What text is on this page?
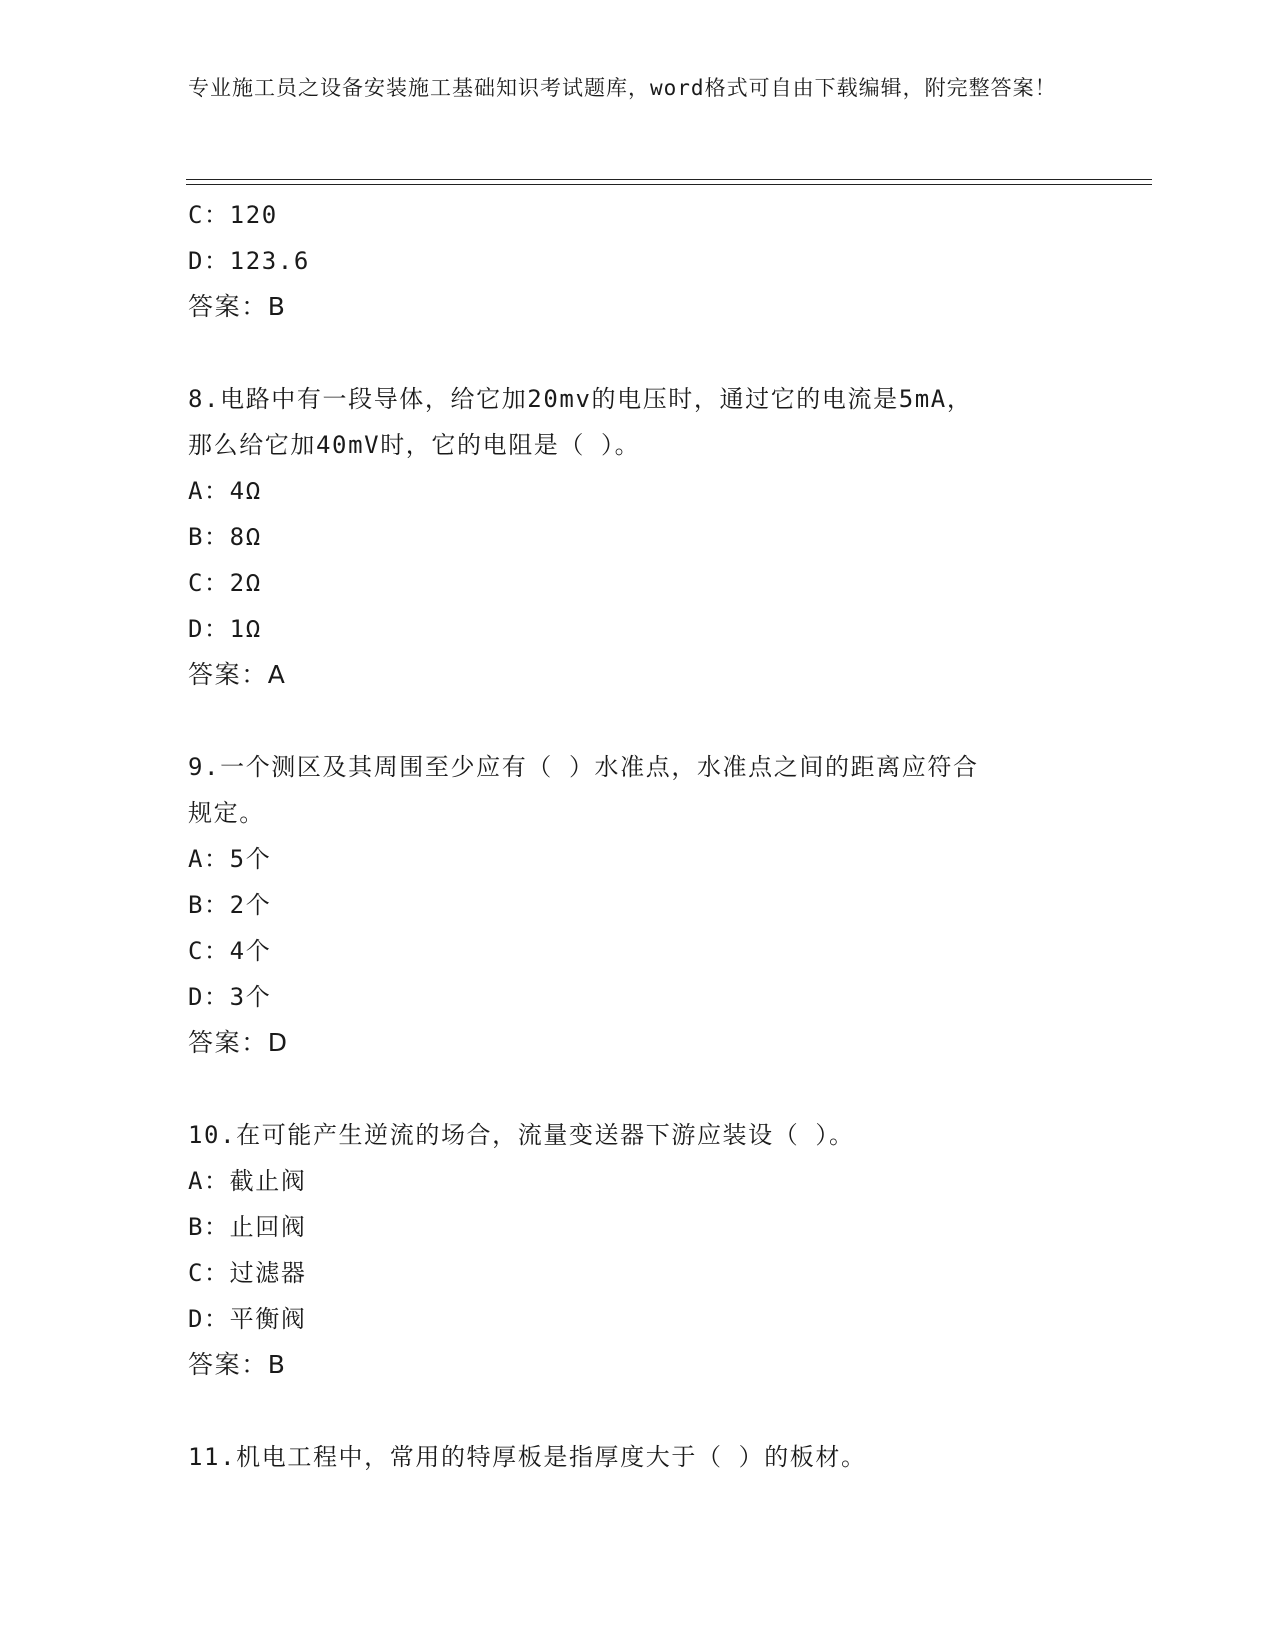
专业施工员之设备安装施工基础知识考试题库，word格式可自由下载编辑，附完整答案！
C：120
D：123.6
答案：B
8.电路中有一段导体，给它加20mv的电压时，通过它的电流是5mA，
那么给它加40mV时，它的电阻是（ ）。
A：4Ω
B：8Ω
C：2Ω
D：1Ω
答案：A
9.一个测区及其周围至少应有（ ）水准点，水准点之间的距离应符合
规定。
A：5个
B：2个
C：4个
D：3个
答案：D
10.在可能产生逆流的场合，流量变送器下游应装设（ ）。
A：截止阀
B：止回阀
C：过滤器
D：平衡阀
答案：B
11.机电工程中，常用的特厚板是指厚度大于（ ）的板材。
